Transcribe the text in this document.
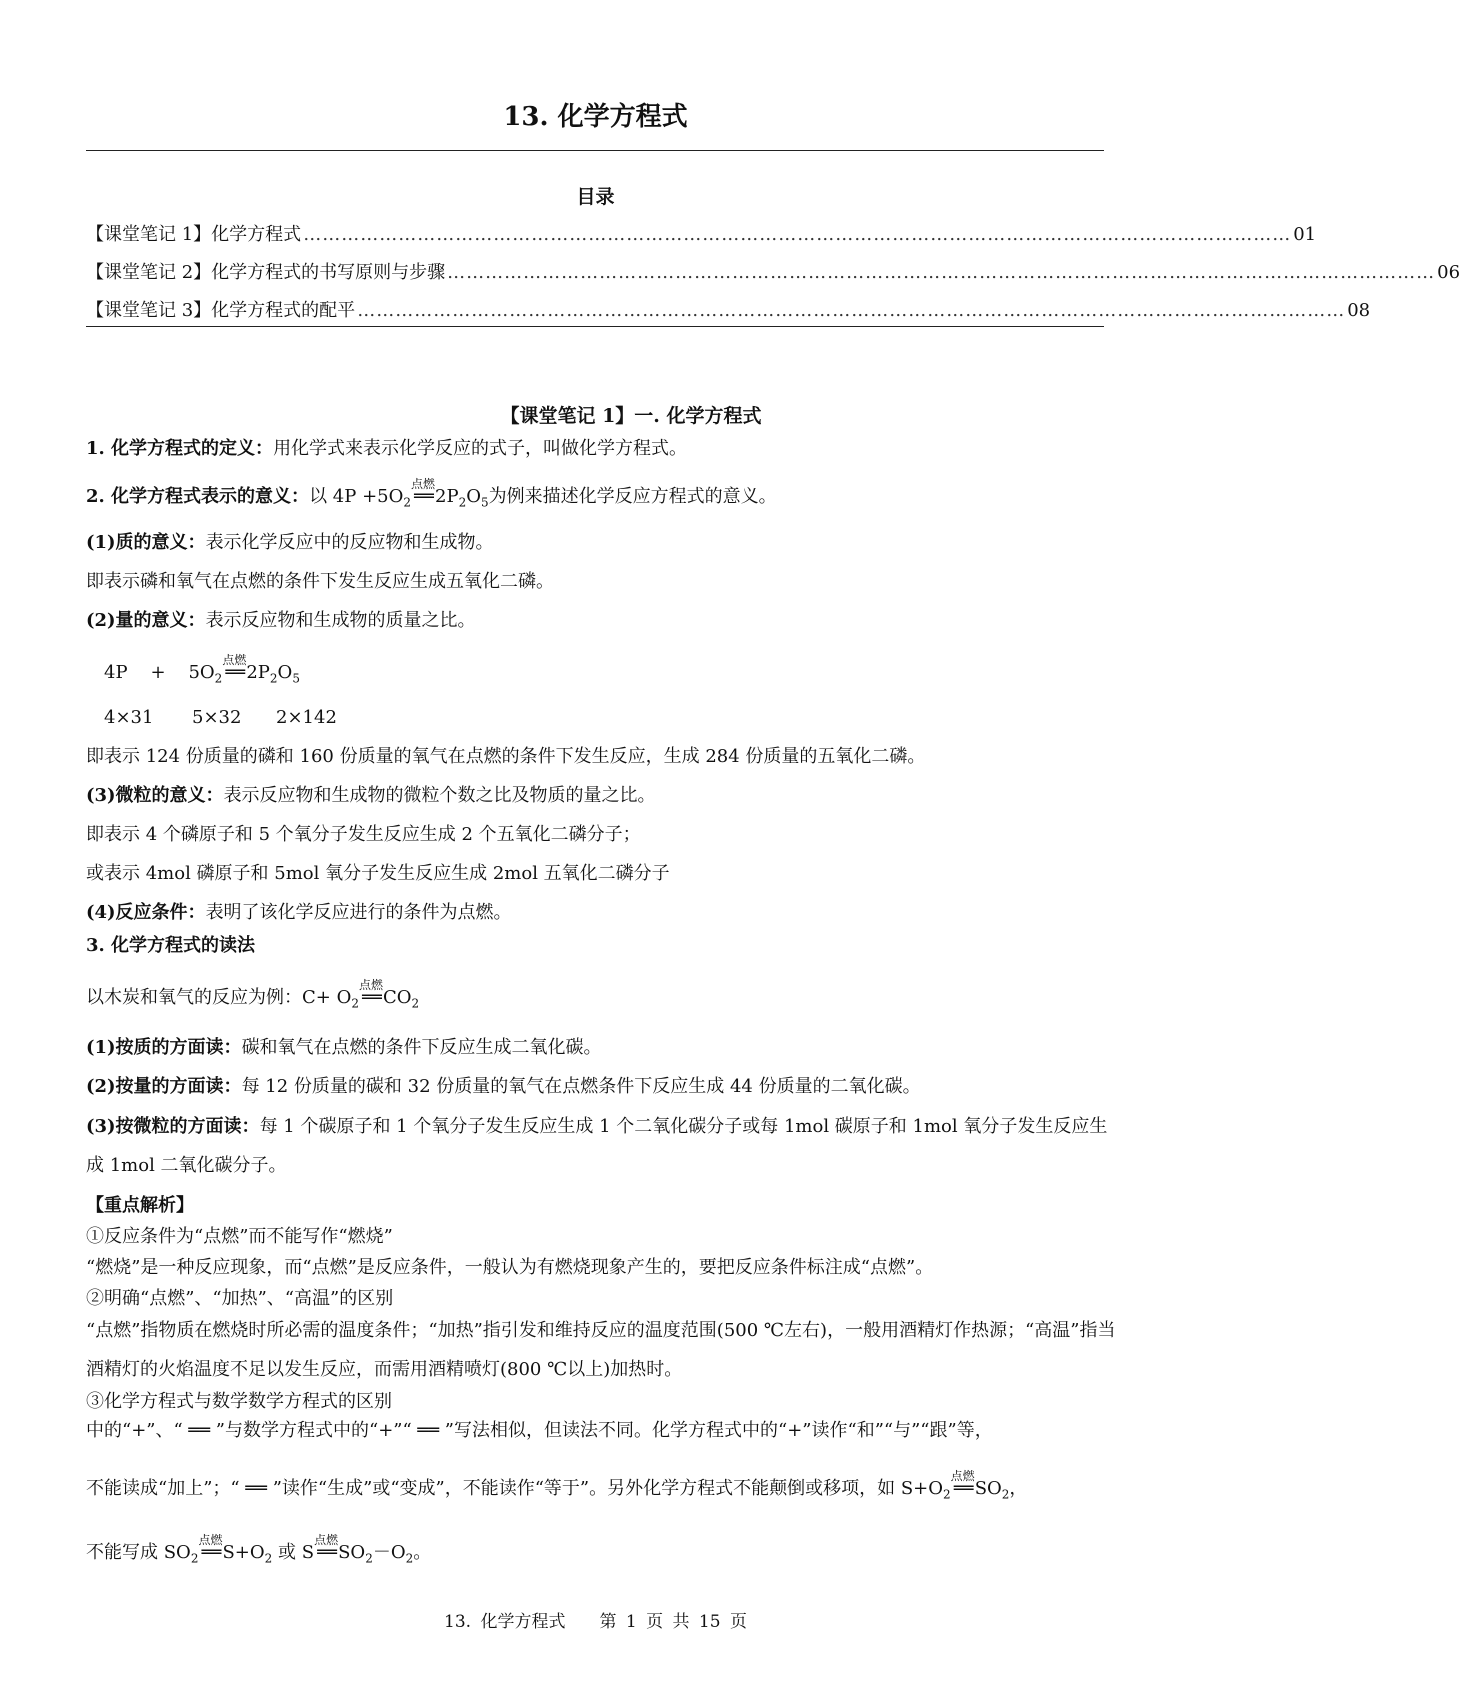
13. 化学方程式
目录
【课堂笔记 1】化学方程式 ………………………………………………………………………………………………………………………………………… 01
【课堂笔记 2】化学方程式的书写原则与步骤 ………………………………………………………………………………………………………………………………………… 06
【课堂笔记 3】化学方程式的配平 ………………………………………………………………………………………………………………………………………… 08
【课堂笔记 1】一. 化学方程式
1. 化学方程式的定义：用化学式来表示化学反应的式子，叫做化学方程式。
2. 化学方程式表示的意义：以 $4P +5O_2$
点燃
══ $2P_2O_5$为例来描述化学反应方程式的意义。
(1)质的意义：表示化学反应中的反应物和生成物。
即表示磷和氧气在点燃的条件下发生反应生成五氧化二磷。
(2)量的意义：表示反应物和生成物的质量之比。
$4P + 5O_2$
点燃
══ $2P_2O_5$
4×31 5×32 2×142
即表示 124 份质量的磷和 160 份质量的氧气在点燃的条件下发生反应，生成 284 份质量的五氧化二磷。
(3)微粒的意义：表示反应物和生成物的微粒个数之比及物质的量之比。
即表示 4 个磷原子和 5 个氧分子发生反应生成 2 个五氧化二磷分子；
或表示 4mol 磷原子和 5mol 氧分子发生反应生成 2mol 五氧化二磷分子
(4)反应条件：表明了该化学反应进行的条件为点燃。
3. 化学方程式的读法
以木炭和氧气的反应为例：$C+ O_2$
点燃
══ $CO_2$
(1)按质的方面读：碳和氧气在点燃的条件下反应生成二氧化碳。
(2)按量的方面读：每 12 份质量的碳和 32 份质量的氧气在点燃条件下反应生成 44 份质量的二氧化碳。
(3)按微粒的方面读：每 1 个碳原子和 1 个氧分子发生反应生成 1 个二氧化碳分子或每 1mol 碳原子和 1mol 氧分子发生反应生成 1mol 二氧化碳分子。
【重点解析】
①反应条件为“点燃”而不能写作“燃烧”
“燃烧”是一种反应现象，而“点燃”是反应条件，一般认为有燃烧现象产生的，要把反应条件标注成“点燃”。
②明确“点燃”、“加热”、“高温”的区别
“点燃”指物质在燃烧时所必需的温度条件；“加热”指引发和维持反应的温度范围(500 ℃左右)，一般用酒精灯作热源；“高温”指当酒精灯的火焰温度不足以发生反应，而需用酒精喷灯(800 ℃以上)加热时。
③化学方程式与数学数学方程式的区别
中的“+”、“ ══ ”与数学方程式中的“+”“ ══ ”写法相似，但读法不同。化学方程式中的“+”读作“和”“与”“跟”等，
不能读成“加上”；“ ══ ”读作“生成”或“变成”，不能读作“等于”。另外化学方程式不能颠倒或移项，如 $S+O_2$
点燃
══ $SO_2$，
不能写成 $SO_2$
点燃
══ $S+O_2$ 或 S
点燃
══ $SO_2-O_2$。
13. 化学方程式　　第 1 页 共 15 页
